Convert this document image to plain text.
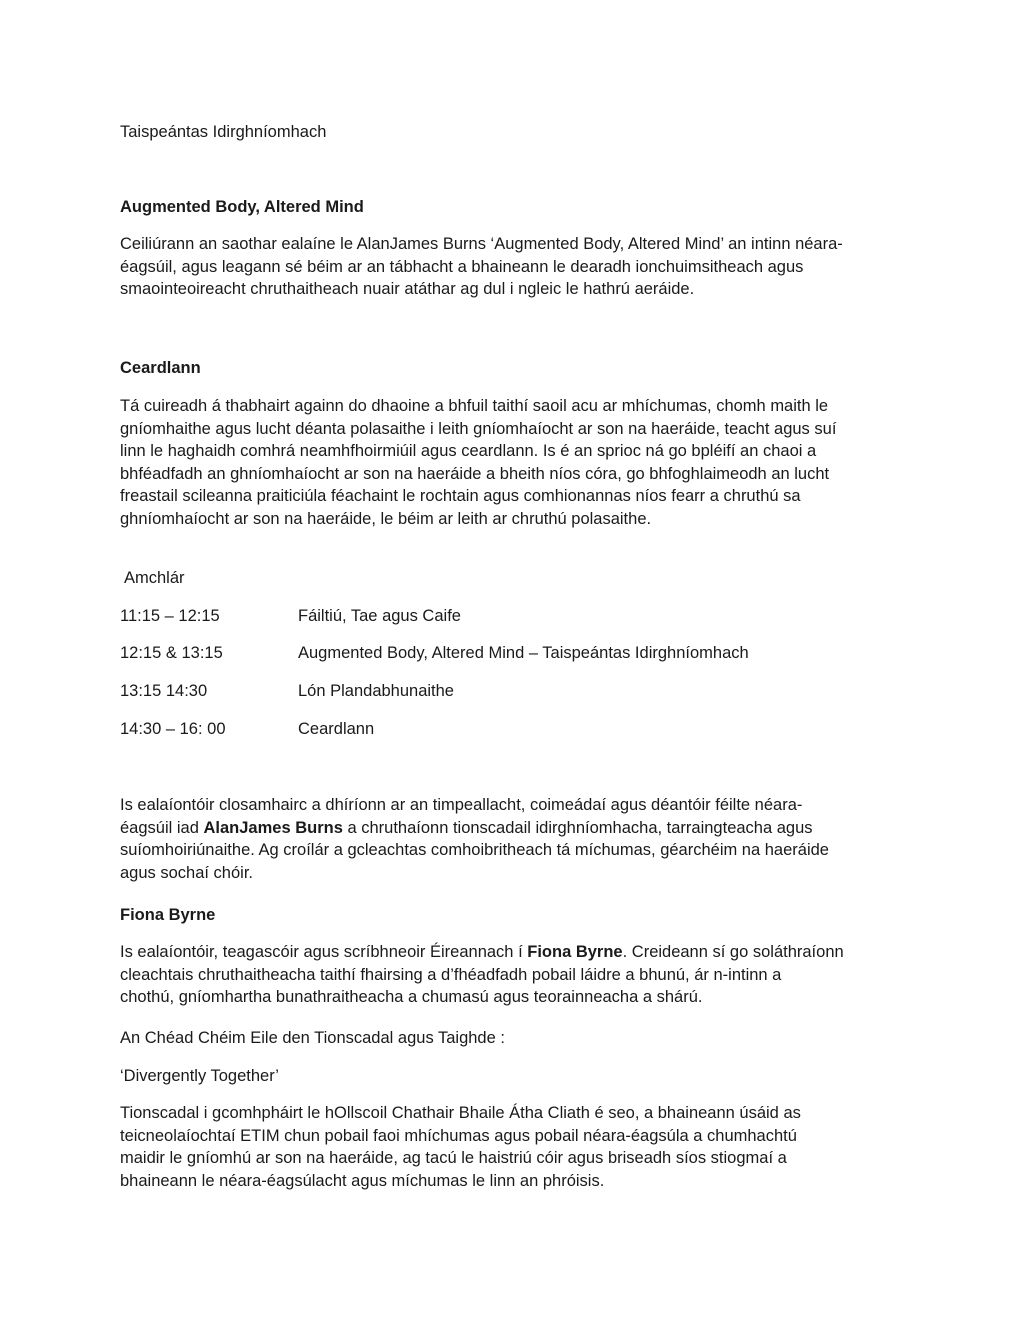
Taispeántas Idirghníomhach
Augmented Body, Altered Mind
Ceiliúrann an saothar ealaíne le AlanJames Burns ‘Augmented Body, Altered Mind’ an intinn néara-
éagsúil, agus leagann sé béim ar an tábhacht a bhaineann le dearadh ionchuimsitheach agus
smaointeoireacht chruthaitheach nuair atáthar ag dul i ngleic le hathrú aeráide.
Ceardlann
Tá cuireadh á thabhairt againn do dhaoine a bhfuil taithí saoil acu ar mhíchumas, chomh maith le
gníomhaithe agus lucht déanta polasaithe i leith gníomhaíocht ar son na haeráide, teacht agus suí
linn le haghaidh comhrá neamhfhoirmiúil agus ceardlann. Is é an sprioc ná go bpléifí an chaoi a
bhféadfadh an ghníomhaíocht ar son na haeráide a bheith níos córa, go bhfoghlaimeodh an lucht
freastail scileanna praiticiúla féachaint le rochtain agus comhionannas níos fearr a chruthú sa
ghníomhaíocht ar son na haeráide, le béim ar leith ar chruthú polasaithe.
Amchlár
11:15 – 12:15	Fáiltiú, Tae agus Caife
12:15 & 13:15	Augmented Body, Altered Mind – Taispeántas Idirghníomhach
13:15 14:30	Lón Plandabhunaithe
14:30 – 16: 00	Ceardlann
Is ealaíontóir closamhairc a dhíríonn ar an timpeallacht, coimeádaí agus déantóir féilte néara-
éagsúil iad AlanJames Burns a chruthaíonn tionscadail idirghníomhacha, tarraingteacha agus
suíomhoiriúnaithe. Ag croílár a gcleachtas comhoibritheach tá míchumas, géarchéim na haeráide
agus sochaí chóir.
Fiona Byrne
Is ealaíontóir, teagascóir agus scríbhneoir Éireannach í Fiona Byrne. Creideann sí go soláthraíonn
cleachtais chruthaitheacha taithí fhairsing a d’fhéadfadh pobail láidre a bhunú, ár n-intinn a
chothú, gníomhartha bunathraitheacha a chumasú agus teorainneacha a shárú.
An Chéad Chéim Eile den Tionscadal agus Taighde :
‘Divergently Together’
Tionscadal i gcomhpháirt le hOllscoil Chathair Bhaile Átha Cliath é seo, a bhaineann úsáid as
teicneolaíochtaí ETIM chun pobail faoi mhíchumas agus pobail néara-éagsúla a chumhachtú
maidir le gníomhú ar son na haeráide, ag tacú le haistriú cóir agus briseadh síos stiogmaí a
bhaineann le néara-éagsúlacht agus míchumas le linn an phróisis.
